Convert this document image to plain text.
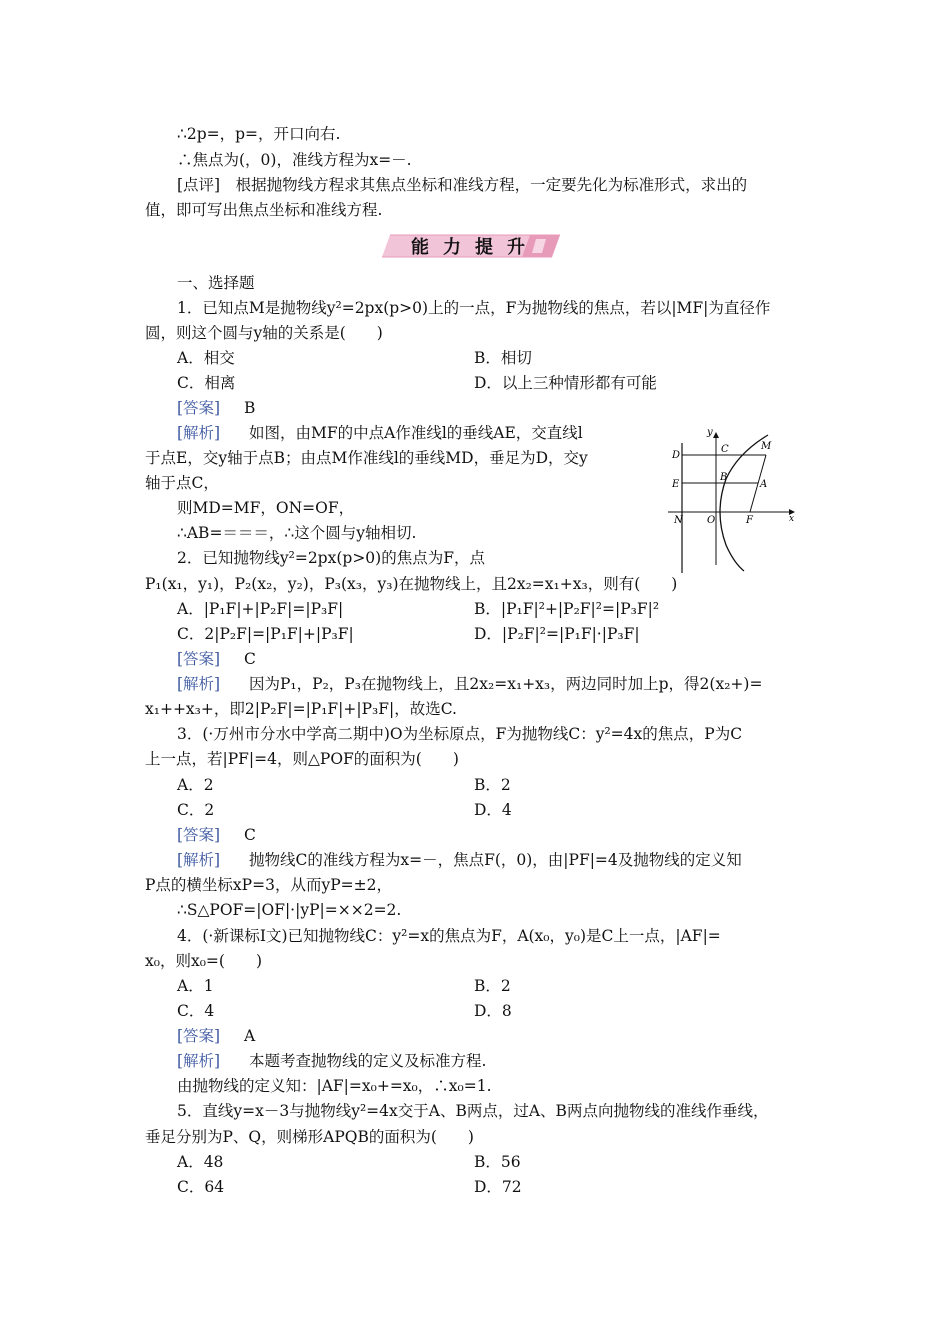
∴2p=，p=，开口向右.
∴焦点为(，0)，准线方程为x=－.
[点评]　根据抛物线方程求其焦点坐标和准线方程，一定要先化为标准形式，求出的
值，即可写出焦点坐标和准线方程.
能力提升
一、选择题
1．已知点M是抛物线y²=2px(p>0)上的一点，F为抛物线的焦点，若以|MF|为直径作
圆，则这个圆与y轴的关系是(　　)
A．相交	B．相切
C．相离	D．以上三种情形都有可能
[答案] B
[解析] 如图，由MF的中点A作准线l的垂线AE，交直线l
于点E，交y轴于点B；由点M作准线l的垂线MD，垂足为D，交y
轴于点C，
则MD=MF，ON=OF，
∴AB=＝＝＝，∴这个圆与y轴相切.
y
C	M
D
B
E	A
N O	F	x
2．已知抛物线y²=2px(p>0)的焦点为F，点
P₁(x₁，y₁)，P₂(x₂，y₂)，P₃(x₃，y₃)在抛物线上，且2x₂=x₁+x₃，则有(　　)
A．|P₁F|+|P₂F|=|P₃F|	B．|P₁F|²+|P₂F|²=|P₃F|²
C．2|P₂F|=|P₁F|+|P₃F|	D．|P₂F|²=|P₁F|·|P₃F|
[答案] C
[解析] 因为P₁，P₂，P₃在抛物线上，且2x₂=x₁+x₃，两边同时加上p，得2(x₂+)=
x₁++x₃+，即2|P₂F|=|P₁F|+|P₃F|，故选C.
3．(·万州市分水中学高二期中)O为坐标原点，F为抛物线C：y²=4x的焦点，P为C
上一点，若|PF|=4，则△POF的面积为(　　)
A．2	B．2
C．2	D．4
[答案] C
[解析] 抛物线C的准线方程为x=－，焦点F(，0)，由|PF|=4及抛物线的定义知
P点的横坐标xP=3，从而yP=±2，
∴S△POF=|OF|·|yP|=××2=2.
4．(·新课标Ⅰ文)已知抛物线C：y²=x的焦点为F，A(x₀，y₀)是C上一点，|AF|=
x₀，则x₀=(　　)
A．1	B．2
C．4	D．8
[答案] A
[解析] 本题考查抛物线的定义及标准方程.
由抛物线的定义知：|AF|=x₀+=x₀，∴x₀=1.
5．直线y=x－3与抛物线y²=4x交于A、B两点，过A、B两点向抛物线的准线作垂线，
垂足分别为P、Q，则梯形APQB的面积为(　　)
A．48	B．56
C．64	D．72
